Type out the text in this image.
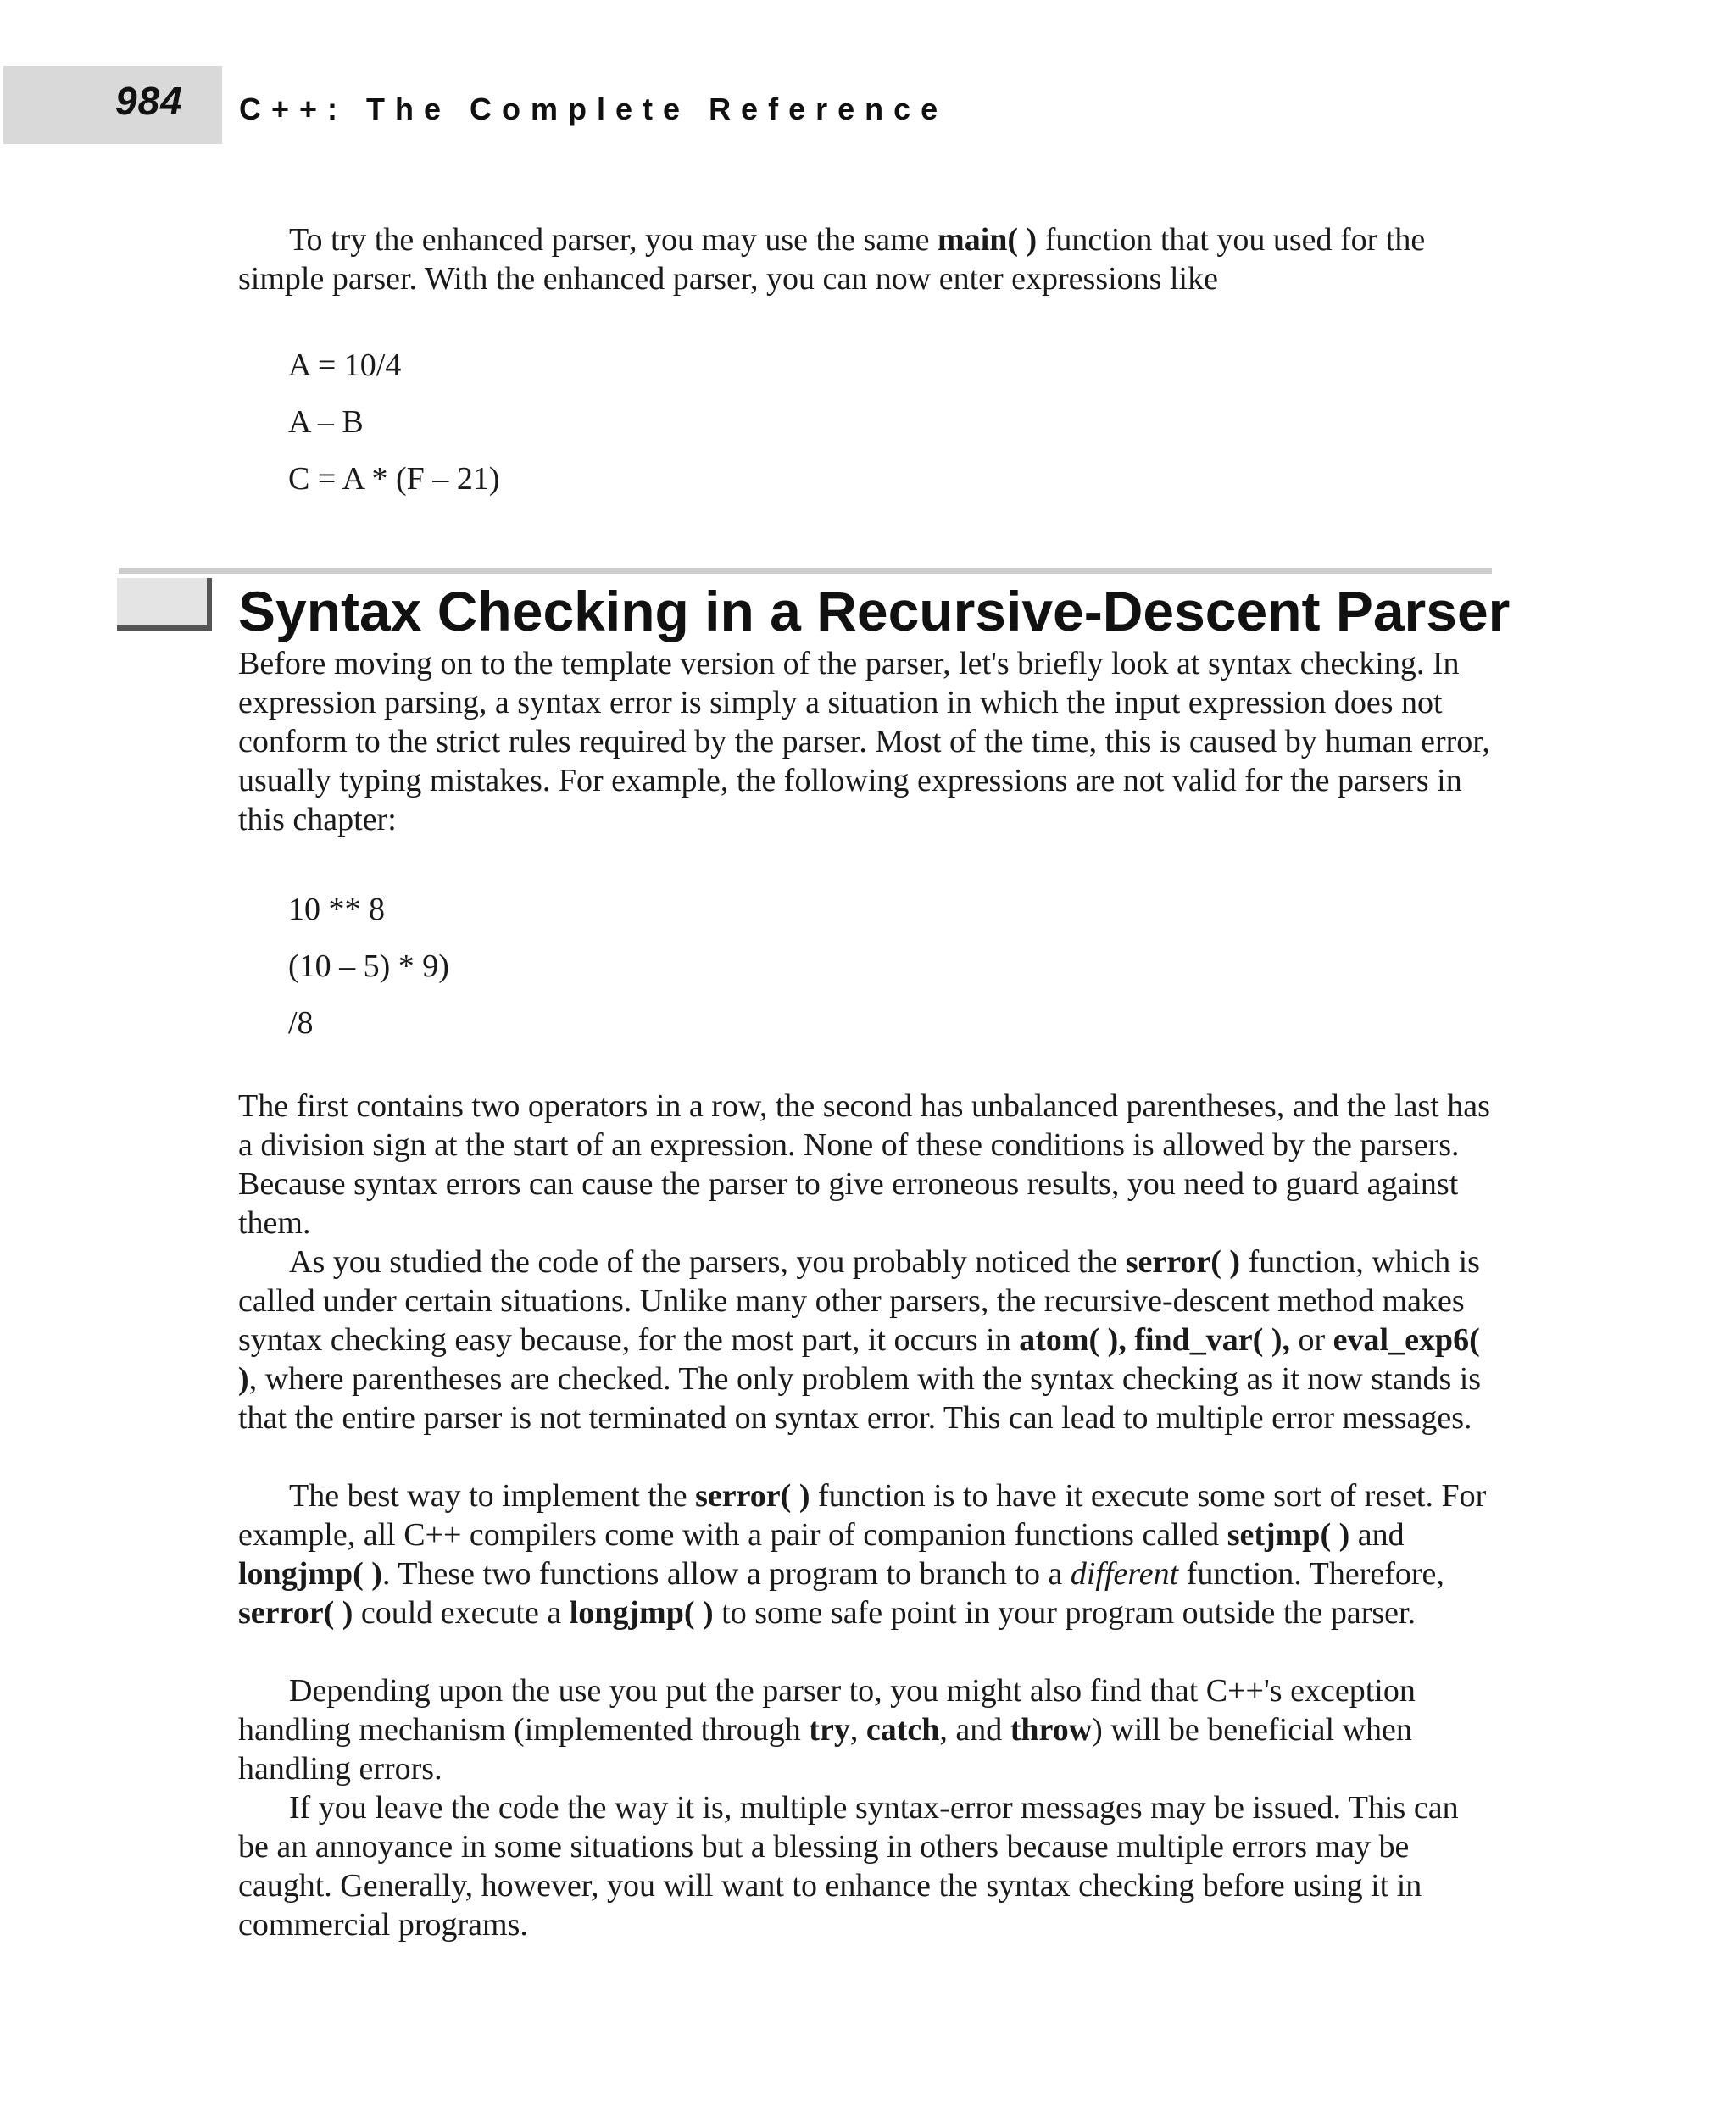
984 C++: The Complete Reference

To try the enhanced parser, you may use the same main( ) function that you used for the simple parser. With the enhanced parser, you can now enter expressions like

A = 10/4
A – B
C = A * (F – 21)
Syntax Checking in a Recursive-Descent Parser

Before moving on to the template version of the parser, let's briefly look at syntax checking. In expression parsing, a syntax error is simply a situation in which the input expression does not conform to the strict rules required by the parser. Most of the time, this is caused by human error, usually typing mistakes. For example, the following expressions are not valid for the parsers in this chapter:

10 ** 8
(10 – 5) * 9)
/8

The first contains two operators in a row, the second has unbalanced parentheses, and the last has a division sign at the start of an expression. None of these conditions is allowed by the parsers. Because syntax errors can cause the parser to give erroneous results, you need to guard against them.

As you studied the code of the parsers, you probably noticed the serror( ) function, which is called under certain situations. Unlike many other parsers, the recursive-descent method makes syntax checking easy because, for the most part, it occurs in atom( ), find_var( ), or eval_exp6( ), where parentheses are checked. The only problem with the syntax checking as it now stands is that the entire parser is not terminated on syntax error. This can lead to multiple error messages.

The best way to implement the serror( ) function is to have it execute some sort of reset. For example, all C++ compilers come with a pair of companion functions called setjmp( ) and longjmp( ). These two functions allow a program to branch to a different function. Therefore, serror( ) could execute a longjmp( ) to some safe point in your program outside the parser.

Depending upon the use you put the parser to, you might also find that C++'s exception handling mechanism (implemented through try, catch, and throw) will be beneficial when handling errors.

If you leave the code the way it is, multiple syntax-error messages may be issued. This can be an annoyance in some situations but a blessing in others because multiple errors may be caught. Generally, however, you will want to enhance the syntax checking before using it in commercial programs.
